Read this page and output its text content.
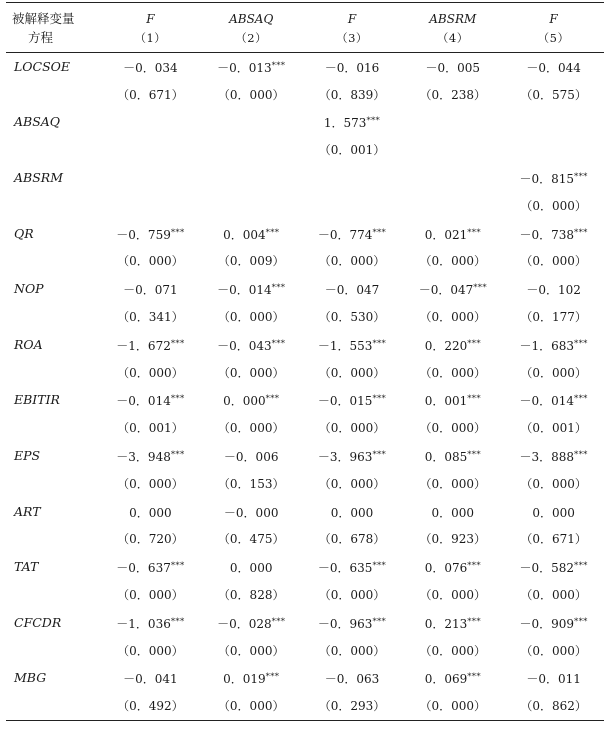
被解释变量	F	ABSAQ	F	ABSRM	F
方程	（1）	（2）	（3）	（4）	（5）
LOCSOE	－0．034	－0．013***	－0．016	－0．005	－0．044
	（0．671）	（0．000）	（0．839）	（0．238）	（0．575）
ABSAQ			1．573***		
			（0．001）		
ABSRM					－0．815***
					（0．000）
QR	－0．759***	0．004***	－0．774***	0．021***	－0．738***
	（0．000）	（0．009）	（0．000）	（0．000）	（0．000）
NOP	－0．071	－0．014***	－0．047	－0．047***	－0．102
	（0．341）	（0．000）	（0．530）	（0．000）	（0．177）
ROA	－1．672***	－0．043***	－1．553***	0．220***	－1．683***
	（0．000）	（0．000）	（0．000）	（0．000）	（0．000）
EBITIR	－0．014***	0．000***	－0．015***	0．001***	－0．014***
	（0．001）	（0．000）	（0．000）	（0．000）	（0．001）
EPS	－3．948***	－0．006	－3．963***	0．085***	－3．888***
	（0．000）	（0．153）	（0．000）	（0．000）	（0．000）
ART	0．000	－0．000	0．000	0．000	0．000
	（0．720）	（0．475）	（0．678）	（0．923）	（0．671）
TAT	－0．637***	0．000	－0．635***	0．076***	－0．582***
	（0．000）	（0．828）	（0．000）	（0．000）	（0．000）
CFCDR	－1．036***	－0．028***	－0．963***	0．213***	－0．909***
	（0．000）	（0．000）	（0．000）	（0．000）	（0．000）
MBG	－0．041	0．019***	－0．063	0．069***	－0．011
	（0．492）	（0．000）	（0．293）	（0．000）	（0．862）
